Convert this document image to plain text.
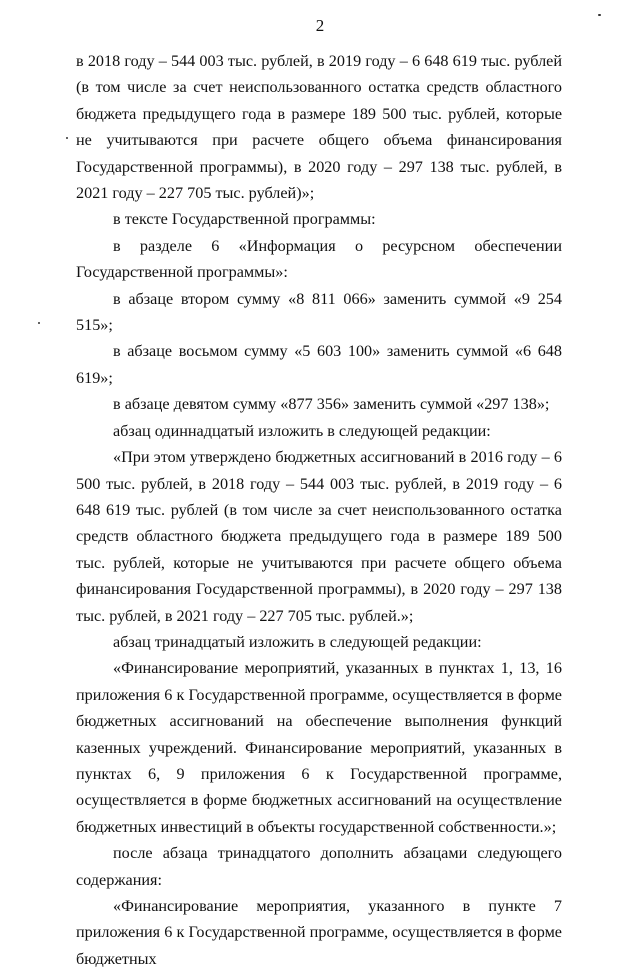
2

в 2018 году – 544 003 тыс. рублей, в 2019 году – 6 648 619 тыс. рублей (в том числе за счет неиспользованного остатка средств областного бюджета предыдущего года в размере 189 500 тыс. рублей, которые не учитываются при расчете общего объема финансирования Государственной программы), в 2020 году – 297 138 тыс. рублей, в 2021 году – 227 705 тыс. рублей)»;

в тексте Государственной программы:

в разделе 6 «Информация о ресурсном обеспечении Государственной программы»:

в абзаце втором сумму «8 811 066» заменить суммой «9 254 515»;

в абзаце восьмом сумму «5 603 100» заменить суммой «6 648 619»;

в абзаце девятом сумму «877 356» заменить суммой «297 138»;

абзац одиннадцатый изложить в следующей редакции:

«При этом утверждено бюджетных ассигнований в 2016 году – 6 500 тыс. рублей, в 2018 году – 544 003 тыс. рублей, в 2019 году – 6 648 619 тыс. рублей (в том числе за счет неиспользованного остатка средств областного бюджета предыдущего года в размере 189 500 тыс. рублей, которые не учитываются при расчете общего объема финансирования Государственной программы), в 2020 году – 297 138 тыс. рублей, в 2021 году – 227 705 тыс. рублей.»;

абзац тринадцатый изложить в следующей редакции:

«Финансирование мероприятий, указанных в пунктах 1, 13, 16 приложения 6 к Государственной программе, осуществляется в форме бюджетных ассигнований на обеспечение выполнения функций казенных учреждений. Финансирование мероприятий, указанных в пунктах 6, 9 приложения 6 к Государственной программе, осуществляется в форме бюджетных ассигнований на осуществление бюджетных инвестиций в объекты государственной собственности.»;

после абзаца тринадцатого дополнить абзацами следующего содержания:

«Финансирование мероприятия, указанного в пункте 7 приложения 6 к Государственной программе, осуществляется в форме бюджетных
